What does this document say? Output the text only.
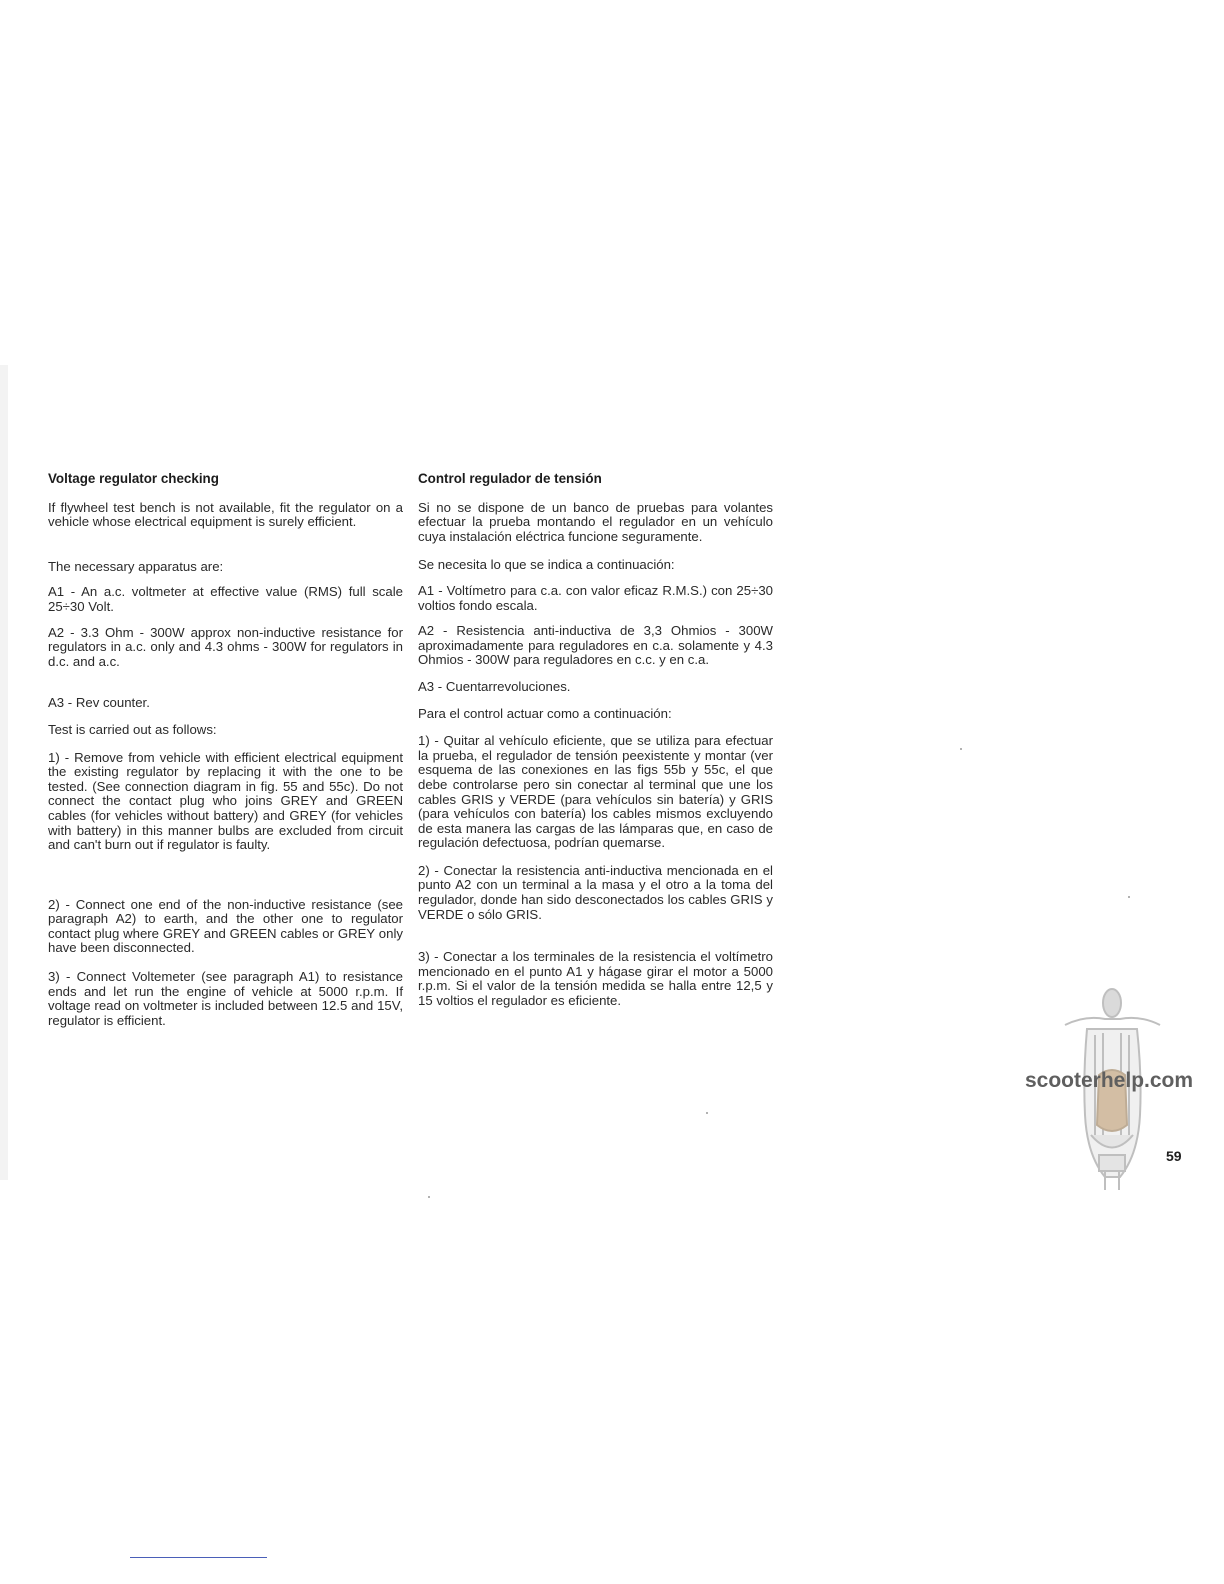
Voltage regulator checking

If flywheel test bench is not available, fit the regulator on a vehicle whose electrical equipment is surely efficient.

The necessary apparatus are:

A1 - An a.c. voltmeter at effective value (RMS) full scale 25÷30 Volt.

A2 - 3.3 Ohm - 300W approx non-inductive resistance for regulators in a.c. only and 4.3 ohms - 300W for regulators in d.c. and a.c.

A3 - Rev counter.

Test is carried out as follows:

1) - Remove from vehicle with efficient electrical equipment the existing regulator by replacing it with the one to be tested. (See connection diagram in fig. 55 and 55c). Do not connect the contact plug who joins GREY and GREEN cables (for vehicles without battery) and GREY (for vehicles with battery) in this manner bulbs are excluded from circuit and can't burn out if regulator is faulty.

2) - Connect one end of the non-inductive resistance (see paragraph A2) to earth, and the other one to regulator contact plug where GREY and GREEN cables or GREY only have been disconnected.

3) - Connect Voltemeter (see paragraph A1) to resistance ends and let run the engine of vehicle at 5000 r.p.m. If voltage read on voltmeter is included between 12.5 and 15V, regulator is efficient.

Control regulador de tensión

Si no se dispone de un banco de pruebas para volantes efectuar la prueba montando el regulador en un vehículo cuya instalación eléctrica funcione seguramente.

Se necesita lo que se indica a continuación:

A1 - Voltímetro para c.a. con valor eficaz R.M.S.) con 25÷30 voltios fondo escala.

A2 - Resistencia anti-inductiva de 3,3 Ohmios - 300W aproximadamente para reguladores en c.a. solamente y 4.3 Ohmios - 300W para reguladores en c.c. y en c.a.

A3 - Cuentarrevoluciones.

Para el control actuar como a continuación:

1) - Quitar al vehículo eficiente, que se utiliza para efectuar la prueba, el regulador de tensión peexistente y montar (ver esquema de las conexiones en las figs 55b y 55c, el que debe controlarse pero sin conectar al terminal que une los cables GRIS y VERDE (para vehículos sin batería) y GRIS (para vehículos con batería) los cables mismos excluyendo de esta manera las cargas de las lámparas que, en caso de regulación defectuosa, podrían quemarse.

2) - Conectar la resistencia anti-inductiva mencionada en el punto A2 con un terminal a la masa y el otro a la toma del regulador, donde han sido desconectados los cables GRIS y VERDE o sólo GRIS.

3) - Conectar a los terminales de la resistencia el voltímetro mencionado en el punto A1 y hágase girar el motor a 5000 r.p.m. Si el valor de la tensión medida se halla entre 12,5 y 15 voltios el regulador es eficiente.

scooterhelp.com
59
